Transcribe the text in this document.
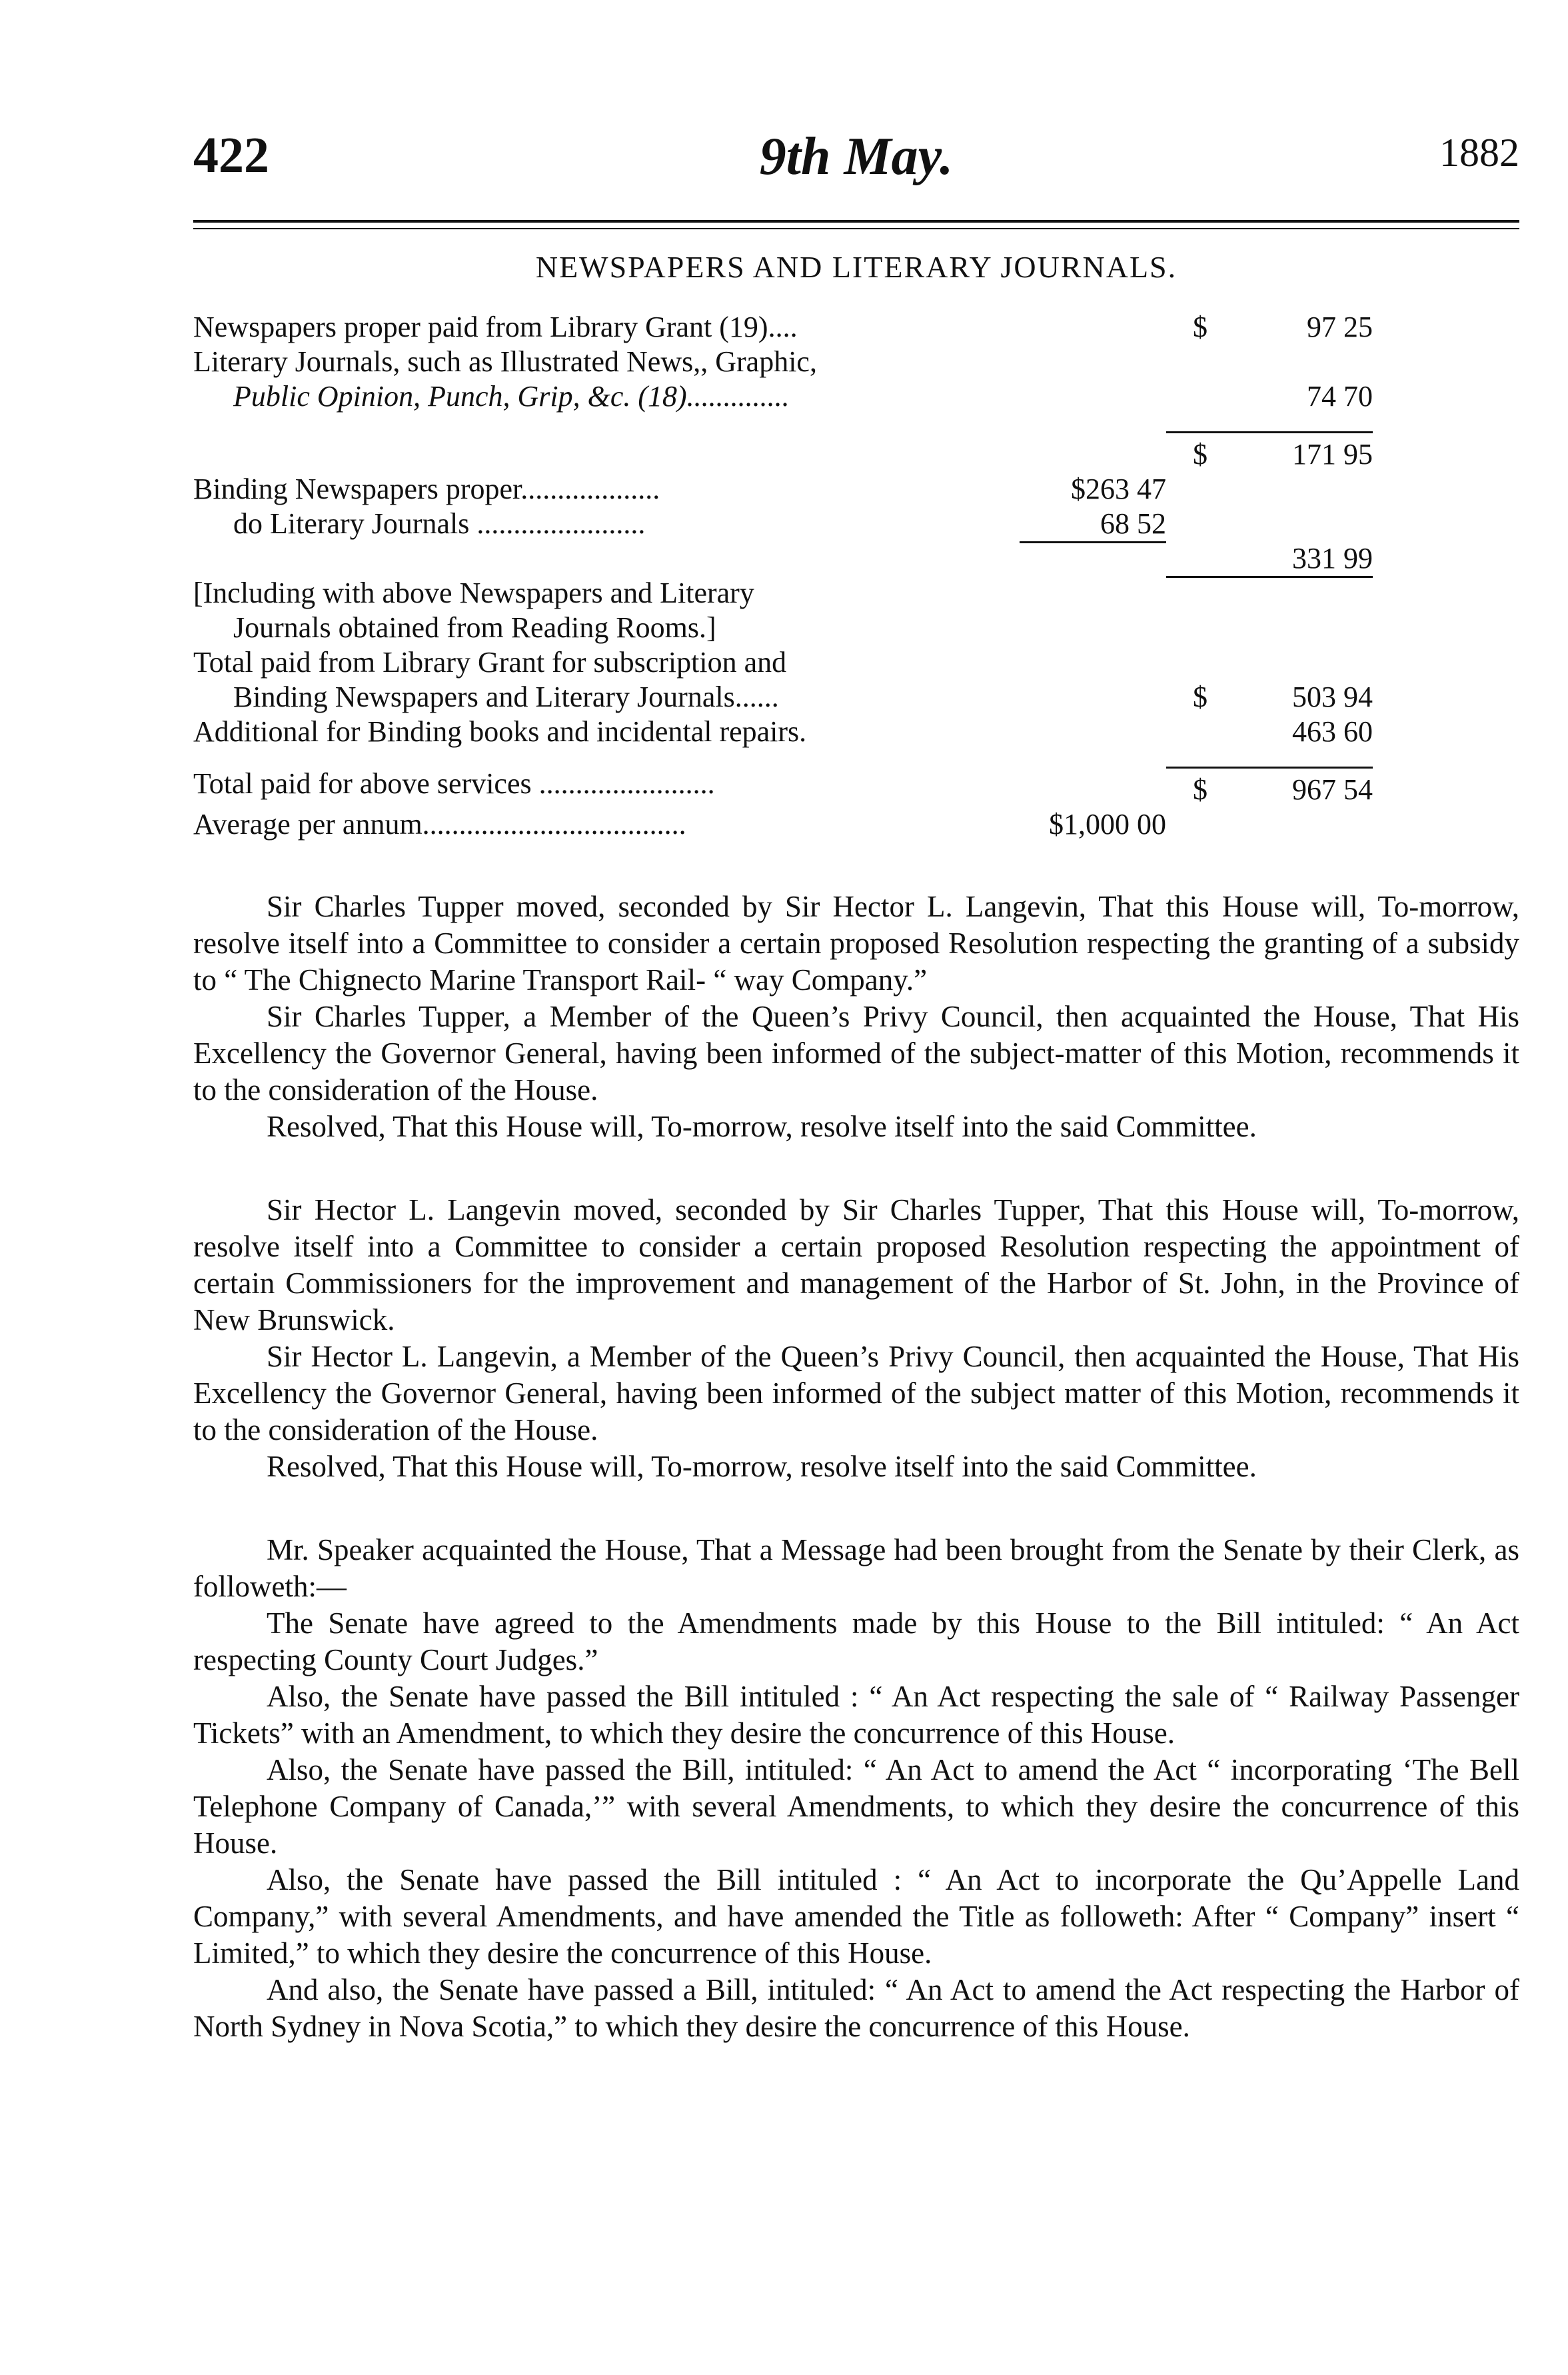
422	9th May.	1882
NEWSPAPERS AND LITERARY JOURNALS.
Newspapers proper paid from Library Grant (19)....	$	97 25
Literary Journals, such as Illustrated News,, Graphic,
Public Opinion, Punch, Grip, &c. (18)..............	74 70
$	171 95
Binding Newspapers proper...................	$263 47
do Literary Journals .......................	68 52
331 99
[Including with above Newspapers and Literary
Journals obtained from Reading Rooms.]
Total paid from Library Grant for subscription and
Binding Newspapers and Literary Journals......	$	503 94
Additional for Binding books and incidental repairs.	463 60
Total paid for above services ........................	$	967 54
Average per annum....................................	$1,000 00

Sir Charles Tupper moved, seconded by Sir Hector L. Langevin, That this House will, To-morrow, resolve itself into a Committee to consider a certain proposed Resolution respecting the granting of a subsidy to “ The Chignecto Marine Transport Rail- “ way Company.”

Sir Charles Tupper, a Member of the Queen’s Privy Council, then acquainted the House, That His Excellency the Governor General, having been informed of the subject-matter of this Motion, recommends it to the consideration of the House.

Resolved, That this House will, To-morrow, resolve itself into the said Committee.

Sir Hector L. Langevin moved, seconded by Sir Charles Tupper, That this House will, To-morrow, resolve itself into a Committee to consider a certain proposed Resolution respecting the appointment of certain Commissioners for the improvement and management of the Harbor of St. John, in the Province of New Brunswick.

Sir Hector L. Langevin, a Member of the Queen’s Privy Council, then acquainted the House, That His Excellency the Governor General, having been informed of the subject matter of this Motion, recommends it to the consideration of the House.

Resolved, That this House will, To-morrow, resolve itself into the said Committee.

Mr. Speaker acquainted the House, That a Message had been brought from the Senate by their Clerk, as followeth:—

The Senate have agreed to the Amendments made by this House to the Bill intituled: “ An Act respecting County Court Judges.”

Also, the Senate have passed the Bill intituled : “ An Act respecting the sale of “ Railway Passenger Tickets” with an Amendment, to which they desire the concurrence of this House.

Also, the Senate have passed the Bill, intituled: “ An Act to amend the Act “ incorporating ‘The Bell Telephone Company of Canada,’” with several Amendments, to which they desire the concurrence of this House.

Also, the Senate have passed the Bill intituled : “ An Act to incorporate the Qu’Appelle Land Company,” with several Amendments, and have amended the Title as followeth: After “ Company” insert “ Limited,” to which they desire the concurrence of this House.

And also, the Senate have passed a Bill, intituled: “ An Act to amend the Act respecting the Harbor of North Sydney in Nova Scotia,” to which they desire the concurrence of this House.
